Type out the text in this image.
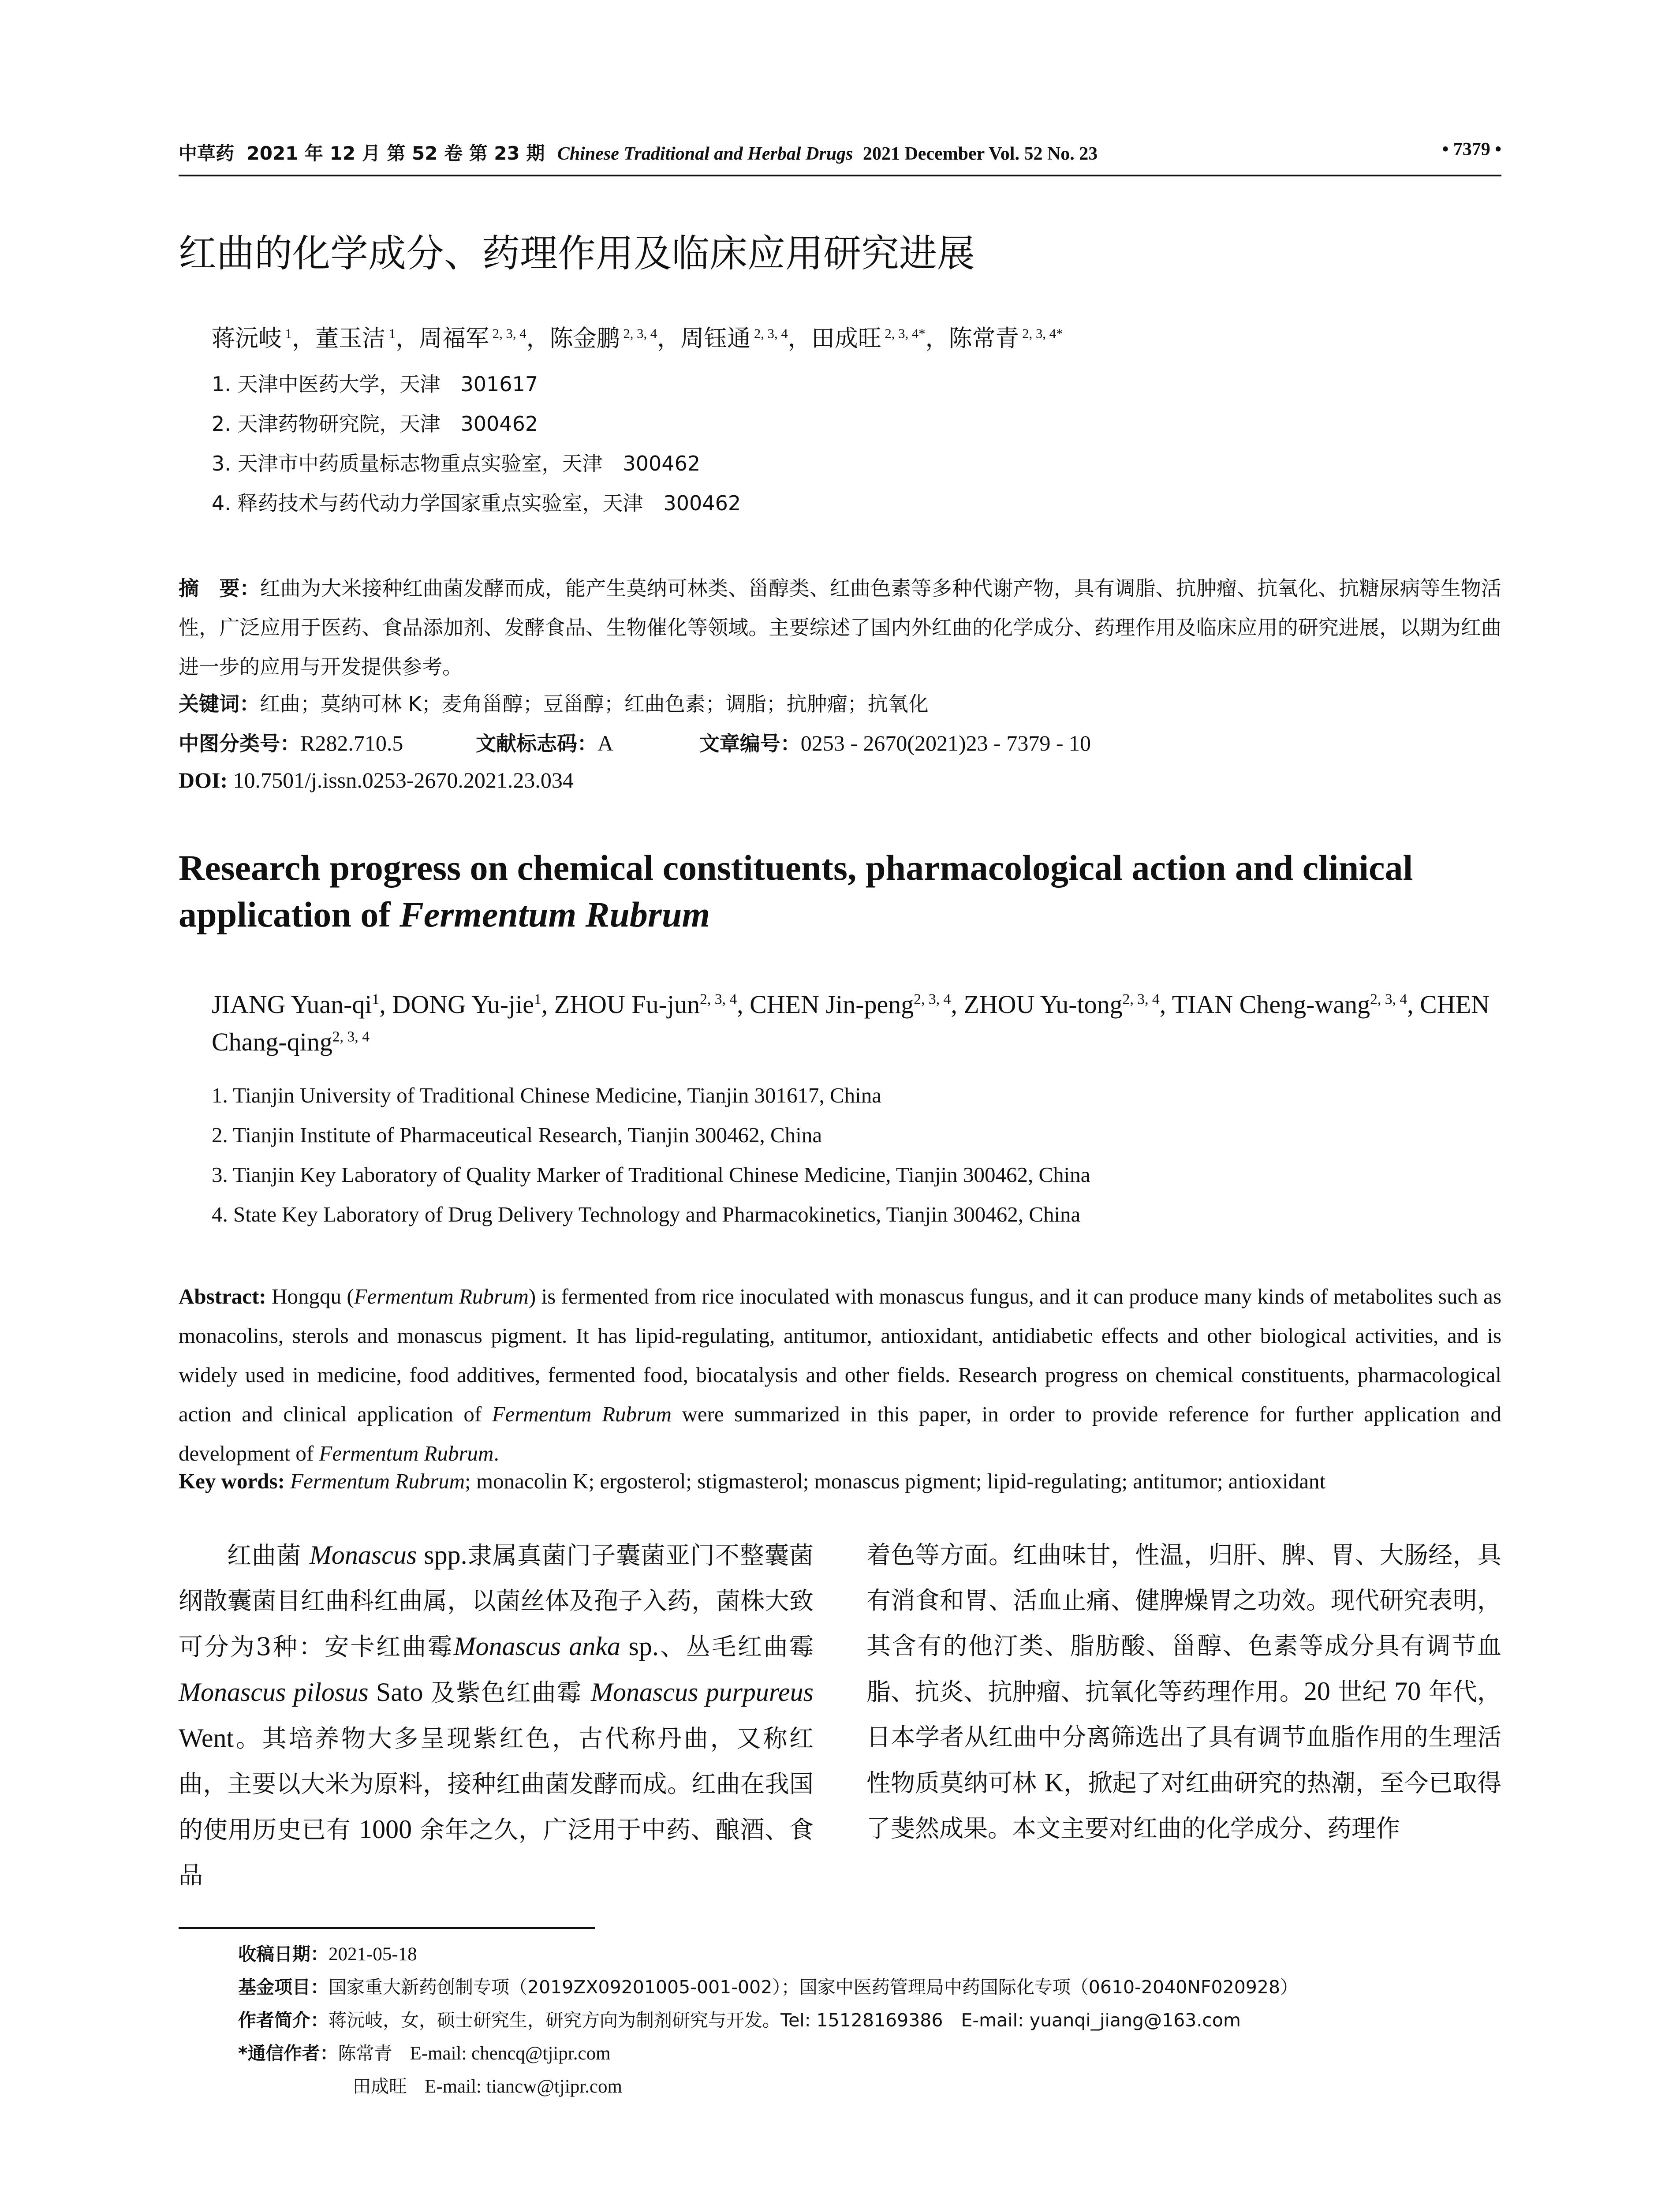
中草药 2021 年 12 月 第 52 卷 第 23 期 Chinese Traditional and Herbal Drugs 2021 December Vol. 52 No. 23	• 7379 •
红曲的化学成分、药理作用及临床应用研究进展
蒋沅岐 $^1$，董玉洁 $^1$，周福军 $^{2, 3, 4}$，陈金鹏 $^{2, 3, 4}$，周钰通 $^{2, 3, 4}$，田成旺 $^{2, 3, 4*}$，陈常青 $^{2, 3, 4*}$
1. 天津中医药大学，天津　301617
2. 天津药物研究院，天津　300462
3. 天津市中药质量标志物重点实验室，天津　300462
4. 释药技术与药代动力学国家重点实验室，天津　300462
摘　要：红曲为大米接种红曲菌发酵而成，能产生莫纳可林类、甾醇类、红曲色素等多种代谢产物，具有调脂、抗肿瘤、抗氧化、抗糖尿病等生物活性，广泛应用于医药、食品添加剂、发酵食品、生物催化等领域。主要综述了国内外红曲的化学成分、药理作用及临床应用的研究进展，以期为红曲进一步的应用与开发提供参考。
关键词：红曲；莫纳可林 K；麦角甾醇；豆甾醇；红曲色素；调脂；抗肿瘤；抗氧化
中图分类号：R282.710.5	文献标志码：A	文章编号：0253 - 2670(2021)23 - 7379 - 10
DOI: 10.7501/j.issn.0253-2670.2021.23.034
Research progress on chemical constituents, pharmacological action and clinical application of Fermentum Rubrum
JIANG Yuan-$qi^1$, DONG Yu-jie$^1$, ZHOU Fu-jun$^{2, 3, 4}$, CHEN Jin-peng$^{2, 3, 4}$, ZHOU Yu-tong$^{2, 3, 4}$, TIAN Cheng-wang$^{2, 3, 4}$, CHEN Chang-qing$^{2, 3, 4}$
1. Tianjin University of Traditional Chinese Medicine, Tianjin 301617, China
2. Tianjin Institute of Pharmaceutical Research, Tianjin 300462, China
3. Tianjin Key Laboratory of Quality Marker of Traditional Chinese Medicine, Tianjin 300462, China
4. State Key Laboratory of Drug Delivery Technology and Pharmacokinetics, Tianjin 300462, China
Abstract: Hongqu (Fermentum Rubrum) is fermented from rice inoculated with monascus fungus, and it can produce many kinds of metabolites such as monacolins, sterols and monascus pigment. It has lipid-regulating, antitumor, antioxidant, antidiabetic effects and other biological activities, and is widely used in medicine, food additives, fermented food, biocatalysis and other fields. Research progress on chemical constituents, pharmacological action and clinical application of Fermentum Rubrum were summarized in this paper, in order to provide reference for further application and development of Fermentum Rubrum.
Key words: Fermentum Rubrum; monacolin K; ergosterol; stigmasterol; monascus pigment; lipid-regulating; antitumor; antioxidant
红曲菌 Monascus spp.隶属真菌门子囊菌亚门不整囊菌纲散囊菌目红曲科红曲属，以菌丝体及孢子入药，菌株大致可分为3种：安卡红曲霉Monascus anka sp.、丛毛红曲霉 Monascus pilosus Sato 及紫色红曲霉 Monascus purpureus Went。其培养物大多呈现紫红色，古代称丹曲，又称红曲，主要以大米为原料，接种红曲菌发酵而成。红曲在我国的使用历史已有 1000 余年之久，广泛用于中药、酿酒、食品
着色等方面。红曲味甘，性温，归肝、脾、胃、大肠经，具有消食和胃、活血止痛、健脾燥胃之功效。现代研究表明，其含有的他汀类、脂肪酸、甾醇、色素等成分具有调节血脂、抗炎、抗肿瘤、抗氧化等药理作用。20 世纪 70 年代，日本学者从红曲中分离筛选出了具有调节血脂作用的生理活性物质莫纳可林 K，掀起了对红曲研究的热潮，至今已取得了斐然成果。本文主要对红曲的化学成分、药理作
收稿日期：2021-05-18
基金项目：国家重大新药创制专项（2019ZX09201005-001-002）；国家中医药管理局中药国际化专项（0610-2040NF020928）
作者简介：蒋沅岐，女，硕士研究生，研究方向为制剂研究与开发。Tel: 15128169386　E-mail: yuanqi_jiang@163.com
*通信作者：陈常青 E-mail: chencq@tjipr.com
田成旺 E-mail: tiancw@tjipr.com
